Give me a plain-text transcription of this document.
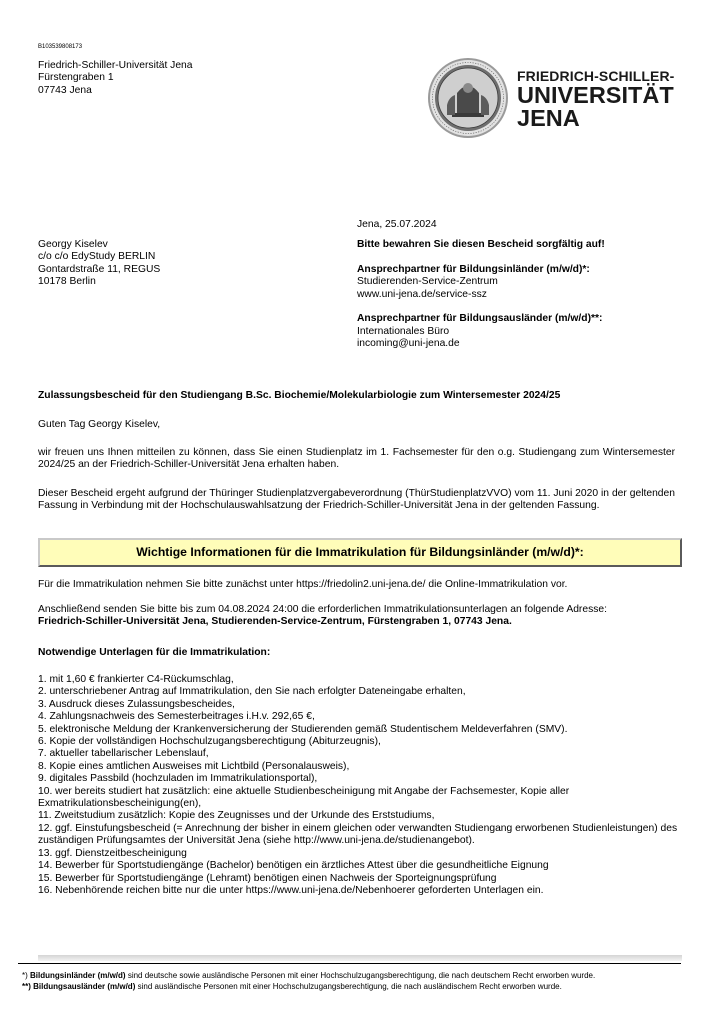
B103539808173
Friedrich-Schiller-Universität Jena
Fürstengraben 1
07743 Jena
FRIEDRICH-SCHILLER-
UNIVERSITÄT
JENA
Jena, 25.07.2024
Georgy Kiselev
c/o c/o EdyStudy BERLIN
Gontardstraße 11, REGUS
10178 Berlin
Bitte bewahren Sie diesen Bescheid sorgfältig auf!
Ansprechpartner für Bildungsinländer (m/w/d)*:
Studierenden-Service-Zentrum
www.uni-jena.de/service-ssz
Ansprechpartner für Bildungsausländer (m/w/d)**:
Internationales Büro
incoming@uni-jena.de
Zulassungsbescheid für den Studiengang B.Sc. Biochemie/Molekularbiologie zum Wintersemester 2024/25
Guten Tag Georgy Kiselev,
wir freuen uns Ihnen mitteilen zu können, dass Sie einen Studienplatz im 1. Fachsemester für den o.g. Studiengang zum Wintersemester 2024/25 an der Friedrich-Schiller-Universität Jena erhalten haben.
Dieser Bescheid ergeht aufgrund der Thüringer Studienplatzvergabeverordnung (ThürStudienplatzVVO) vom 11. Juni 2020 in der geltenden Fassung in Verbindung mit der Hochschulauswahlsatzung der Friedrich-Schiller-Universität Jena in der geltenden Fassung.
Wichtige Informationen für die Immatrikulation für Bildungsinländer (m/w/d)*:
Für die Immatrikulation nehmen Sie bitte zunächst unter https://friedolin2.uni-jena.de/ die Online-Immatrikulation vor.
Anschließend senden Sie bitte bis zum 04.08.2024 24:00 die erforderlichen Immatrikulationsunterlagen an folgende Adresse:
Friedrich-Schiller-Universität Jena, Studierenden-Service-Zentrum, Fürstengraben 1, 07743 Jena.
Notwendige Unterlagen für die Immatrikulation:
1. mit 1,60 € frankierter C4-Rückumschlag,
2. unterschriebener Antrag auf Immatrikulation, den Sie nach erfolgter Dateneingabe erhalten,
3. Ausdruck dieses Zulassungsbescheides,
4. Zahlungsnachweis des Semesterbeitrages i.H.v. 292,65 €,
5. elektronische Meldung der Krankenversicherung der Studierenden gemäß Studentischem Meldeverfahren (SMV).
6. Kopie der vollständigen Hochschulzugangsberechtigung (Abiturzeugnis),
7. aktueller tabellarischer Lebenslauf,
8. Kopie eines amtlichen Ausweises mit Lichtbild (Personalausweis),
9. digitales Passbild (hochzuladen im Immatrikulationsportal),
10. wer bereits studiert hat zusätzlich: eine aktuelle Studienbescheinigung mit Angabe der Fachsemester, Kopie aller Exmatrikulationsbescheinigung(en),
11. Zweitstudium zusätzlich: Kopie des Zeugnisses und der Urkunde des Erststudiums,
12. ggf. Einstufungsbescheid (= Anrechnung der bisher in einem gleichen oder verwandten Studiengang erworbenen Studienleistungen) des zuständigen Prüfungsamtes der Universität Jena (siehe http://www.uni-jena.de/studienangebot).
13. ggf. Dienstzeitbescheinigung
14. Bewerber für Sportstudiengänge (Bachelor) benötigen ein ärztliches Attest über die gesundheitliche Eignung
15. Bewerber für Sportstudiengänge (Lehramt) benötigen einen Nachweis der Sporteignungsprüfung
16. Nebenhörende reichen bitte nur die unter https://www.uni-jena.de/Nebenhoerer geforderten Unterlagen ein.
*) Bildungsinländer (m/w/d) sind deutsche sowie ausländische Personen mit einer Hochschulzugangsberechtigung, die nach deutschem Recht erworben wurde.
**) Bildungsausländer (m/w/d) sind ausländische Personen mit einer Hochschulzugangsberechtigung, die nach ausländischem Recht erworben wurde.
